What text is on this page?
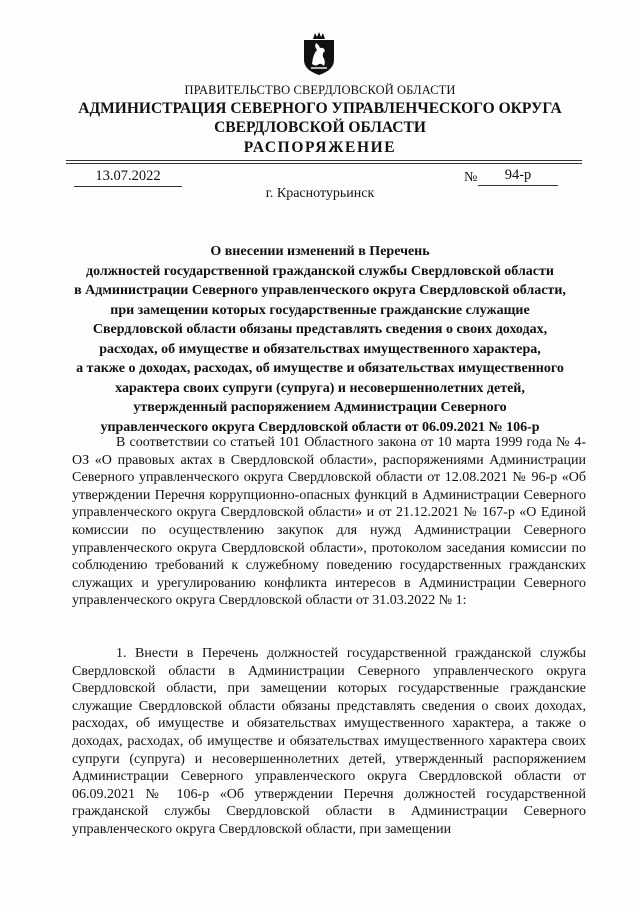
ПРАВИТЕЛЬСТВО СВЕРДЛОВСКОЙ ОБЛАСТИ
АДМИНИСТРАЦИЯ СЕВЕРНОГО УПРАВЛЕНЧЕСКОГО ОКРУГА
СВЕРДЛОВСКОЙ ОБЛАСТИ
РАСПОРЯЖЕНИЕ
13.07.2022	№	94-р
г. Краснотурьинск
О внесении изменений в Перечень
должностей государственной гражданской службы Свердловской области
в Администрации Северного управленческого округа Свердловской области,
при замещении которых государственные гражданские служащие
Свердловской области обязаны представлять сведения о своих доходах,
расходах, об имуществе и обязательствах имущественного характера,
а также о доходах, расходах, об имуществе и обязательствах имущественного
характера своих супруги (супруга) и несовершеннолетних детей,
утвержденный распоряжением Администрации Северного
управленческого округа Свердловской области от 06.09.2021 № 106-р

В соответствии со статьей 101 Областного закона от 10 марта 1999 года № 4-ОЗ «О правовых актах в Свердловской области», распоряжениями Администрации Северного управленческого округа Свердловской области от 12.08.2021 № 96-р «Об утверждении Перечня коррупционно-опасных функций в Администрации Северного управленческого округа Свердловской области» и от 21.12.2021 № 167-р «О Единой комиссии по осуществлению закупок для нужд Администрации Северного управленческого округа Свердловской области», протоколом заседания комиссии по соблюдению требований к служебному поведению государственных гражданских служащих и урегулированию конфликта интересов в Администрации Северного управленческого округа Свердловской области от 31.03.2022 № 1:

1. Внести в Перечень должностей государственной гражданской службы Свердловской области в Администрации Северного управленческого округа Свердловской области, при замещении которых государственные гражданские служащие Свердловской области обязаны представлять сведения о своих доходах, расходах, об имуществе и обязательствах имущественного характера, а также о доходах, расходах, об имуществе и обязательствах имущественного характера своих супруги (супруга) и несовершеннолетних детей, утвержденный распоряжением Администрации Северного управленческого округа Свердловской области от 06.09.2021 № 106-р «Об утверждении Перечня должностей государственной гражданской службы Свердловской области в Администрации Северного управленческого округа Свердловской области, при замещении
